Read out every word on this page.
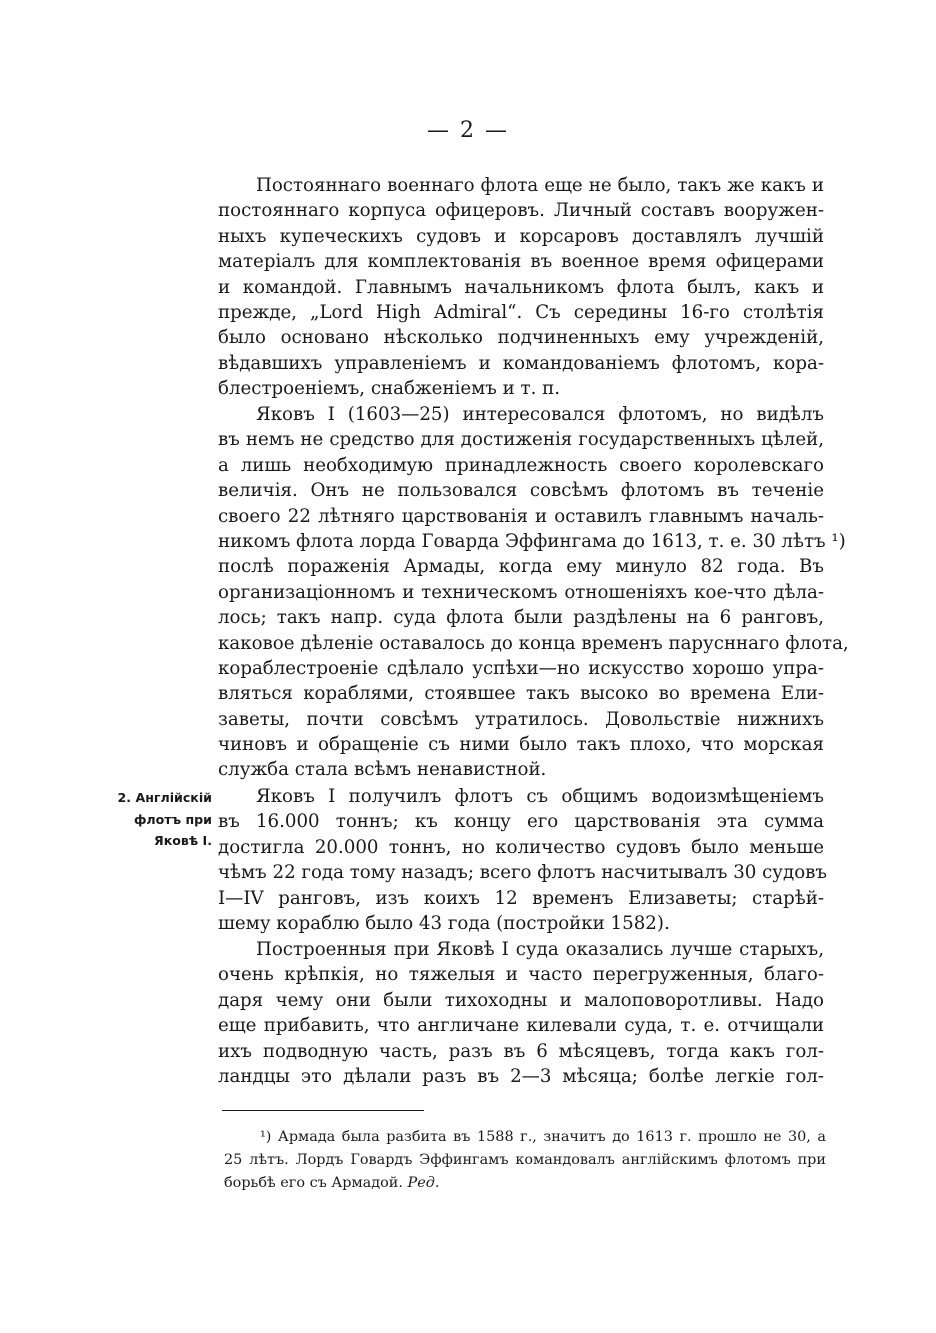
— 2 —
Постояннаго военнаго флота еще не было, такъ же какъ и
постояннаго корпуса офицеровъ. Личный составъ вооружен-
ныхъ купеческихъ судовъ и корсаровъ доставлялъ лучшій
матеріалъ для комплектованія въ военное время офицерами
и командой. Главнымъ начальникомъ флота былъ, какъ и
прежде, „Lord High Admiral“. Съ середины 16-го столѣтія
было основано нѣсколько подчиненныхъ ему учрежденій,
вѣдавшихъ управленіемъ и командованіемъ флотомъ, кора-
блестроеніемъ, снабженіемъ и т. п.
Яковъ I (1603—25) интересовался флотомъ, но видѣлъ
въ немъ не средство для достиженія государственныхъ цѣлей,
а лишь необходимую принадлежность своего королевскаго
величія. Онъ не пользовался совсѣмъ флотомъ въ теченіе
своего 22 лѣтняго царствованія и оставилъ главнымъ началь-
никомъ флота лорда Говарда Эффингама до 1613, т. е. 30 лѣтъ ¹)
послѣ пораженія Армады, когда ему минуло 82 года. Въ
организаціонномъ и техническомъ отношеніяхъ кое-что дѣла-
лось; такъ напр. суда флота были раздѣлены на 6 ранговъ,
каковое дѣленіе оставалось до конца временъ парусннаго флота,
кораблестроеніе сдѣлало успѣхи—но искусство хорошо упра-
вляться кораблями, стоявшее такъ высоко во времена Ели-
заветы, почти совсѣмъ утратилось. Довольствіе нижнихъ
чиновъ и обращеніе съ ними было такъ плохо, что морская
служба стала всѣмъ ненавистной.
2. Англійскій
флотъ при
Яковѣ I.
Яковъ I получилъ флотъ съ общимъ водоизмѣщеніемъ
въ 16.000 тоннъ; къ концу его царствованія эта сумма
достигла 20.000 тоннъ, но количество судовъ было меньше
чѣмъ 22 года тому назадъ; всего флотъ насчитывалъ 30 судовъ
I—IV ранговъ, изъ коихъ 12 временъ Елизаветы; старѣй-
шему кораблю было 43 года (постройки 1582).
Построенныя при Яковѣ I суда оказались лучше старыхъ,
очень крѣпкія, но тяжелыя и часто перегруженныя, благо-
даря чему они были тихоходны и малоповоротливы. Надо
еще прибавить, что англичане килевали суда, т. е. отчищали
ихъ подводную часть, разъ въ 6 мѣсяцевъ, тогда какъ гол-
ландцы это дѣлали разъ въ 2—3 мѣсяца; болѣе легкіе гол-
¹) Армада была разбита въ 1588 г., значитъ до 1613 г. прошло не 30, а
25 лѣтъ. Лордъ Говардъ Эффингамъ командовалъ англійскимъ флотомъ при
борьбѣ его съ Армадой. Ред.
